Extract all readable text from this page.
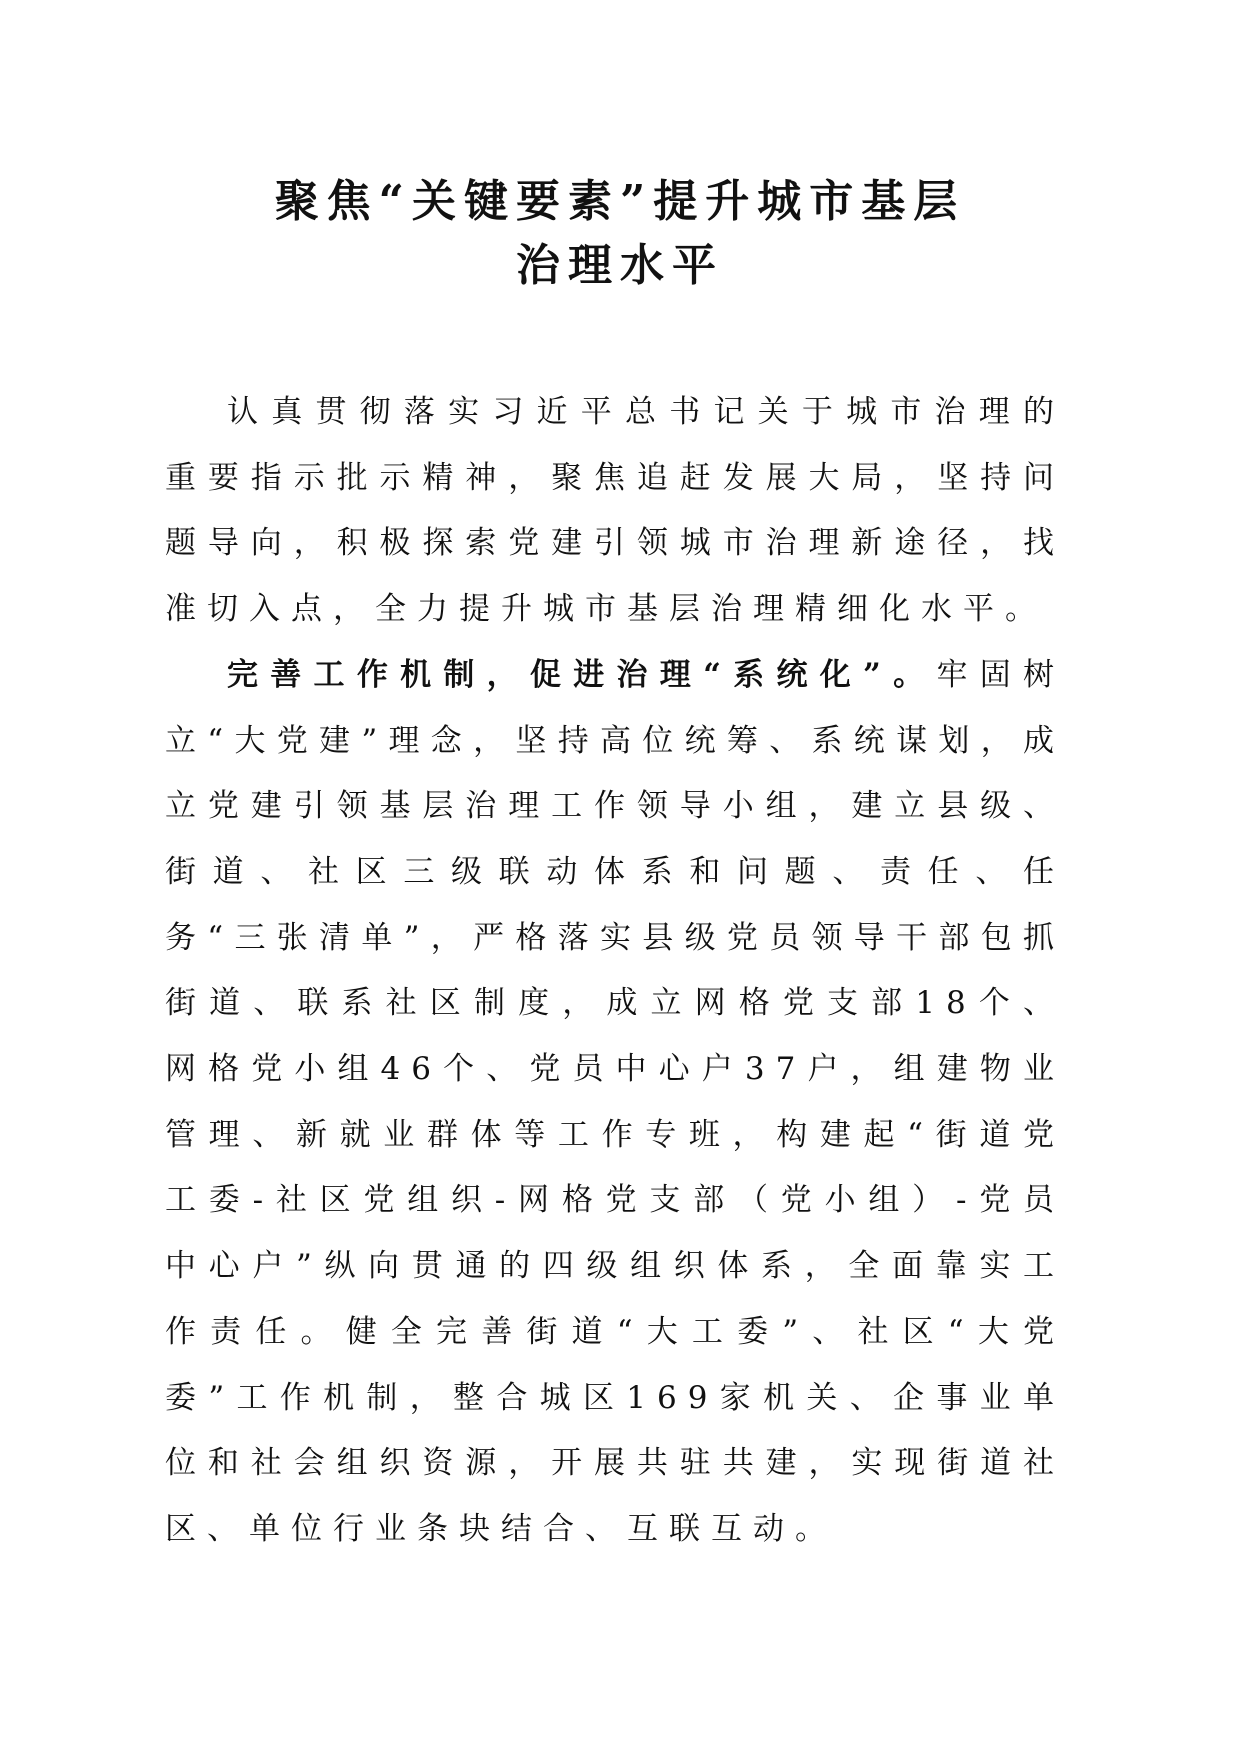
聚焦“关键要素”提升城市基层
治理水平

认真贯彻落实习近平总书记关于城市治理的重要指示批示精神，聚焦追赶发展大局，坚持问题导向，积极探索党建引领城市治理新途径，找准切入点，全力提升城市基层治理精细化水平。

完善工作机制，促进治理“系统化”。牢固树立“大党建”理念，坚持高位统筹、系统谋划，成立党建引领基层治理工作领导小组，建立县级、街道、社区三级联动体系和问题、责任、任务“三张清单”，严格落实县级党员领导干部包抓街道、联系社区制度，成立网格党支部18个、网格党小组46个、党员中心户37户，组建物业管理、新就业群体等工作专班，构建起“街道党工委-社区党组织-网格党支部（党小组）-党员中心户”纵向贯通的四级组织体系，全面靠实工作责任。健全完善街道“大工委”、社区“大党委”工作机制，整合城区169家机关、企事业单位和社会组织资源，开展共驻共建，实现街道社区、单位行业条块结合、互联互动。
